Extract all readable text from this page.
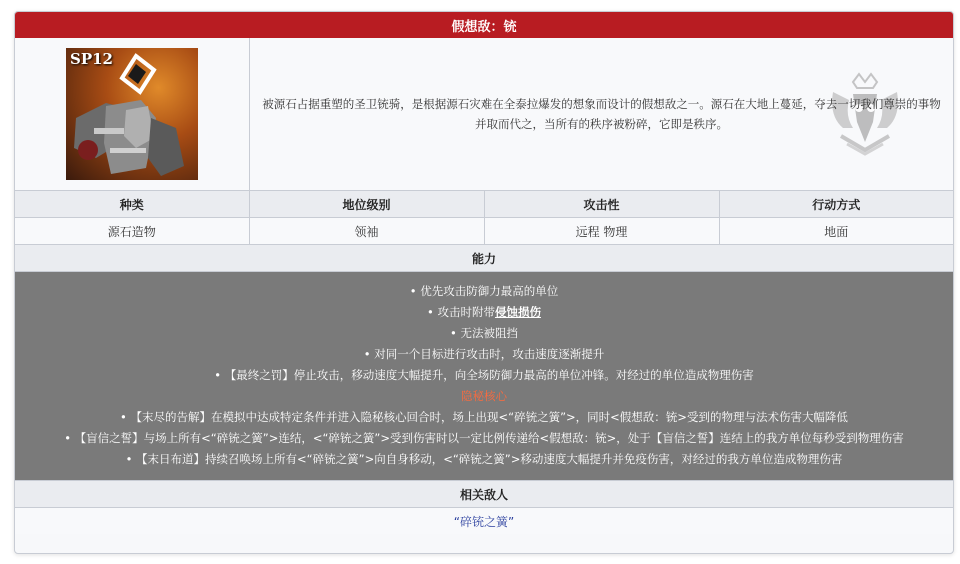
假想敌：铳
SP12
被源石占据重塑的圣卫铳骑，是根据源石灾难在全泰拉爆发的想象而设计的假想敌之一。源石在大地上蔓延，夺去一切我们尊崇的事物并取而代之，当所有的秩序被粉碎，它即是秩序。
种类	地位级别	攻击性	行动方式
源石造物	领袖	远程 物理	地面
能力
• 优先攻击防御力最高的单位
• 攻击时附带侵蚀损伤
• 无法被阻挡
• 对同一个目标进行攻击时，攻击速度逐渐提升
• 【最终之罚】停止攻击，移动速度大幅提升，向全场防御力最高的单位冲锋。对经过的单位造成物理伤害
隐秘核心
• 【末尽的告解】在模拟中达成特定条件并进入隐秘核心回合时，场上出现<“碎铳之簧”>，同时<假想敌：铳>受到的物理与法术伤害大幅降低
• 【盲信之誓】与场上所有<“碎铳之簧”>连结，<“碎铳之簧”>受到伤害时以一定比例传递给<假想敌：铳>，处于【盲信之誓】连结上的我方单位每秒受到物理伤害
• 【末日布道】持续召唤场上所有<“碎铳之簧”>向自身移动，<“碎铳之簧”>移动速度大幅提升并免疫伤害，对经过的我方单位造成物理伤害
相关敌人
“碎铳之簧”
